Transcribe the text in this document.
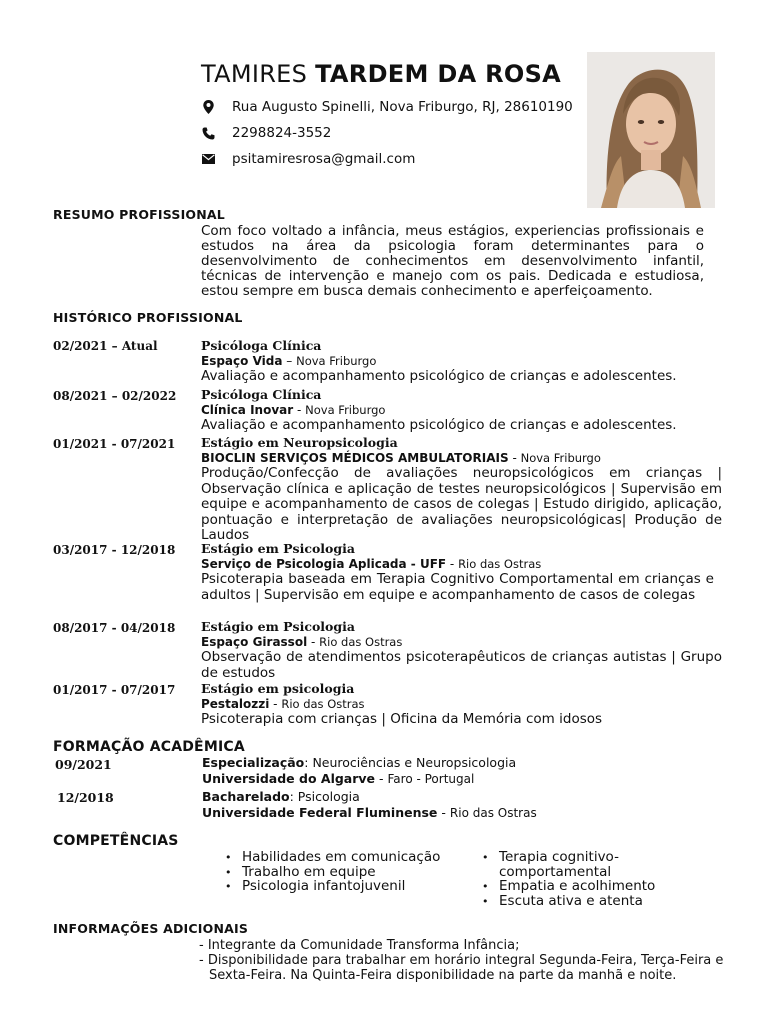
TAMIRES TARDEM DA ROSA
Rua Augusto Spinelli, Nova Friburgo, RJ, 28610190
2298824-3552
psitamiresrosa@gmail.com
RESUMO PROFISSIONAL
Com foco voltado a infância, meus estágios, experiencias profissionais e estudos na área da psicologia foram determinantes para o desenvolvimento de conhecimentos em desenvolvimento infantil, técnicas de intervenção e manejo com os pais. Dedicada e estudiosa, estou sempre em busca demais conhecimento e aperfeiçoamento.
HISTÓRICO PROFISSIONAL
02/2021 – Atual	Psicóloga Clínica
Espaço Vida – Nova Friburgo
Avaliação e acompanhamento psicológico de crianças e adolescentes.
08/2021 – 02/2022 Psicóloga Clínica
Clínica Inovar - Nova Friburgo
Avaliação e acompanhamento psicológico de crianças e adolescentes.
01/2021 - 07/2021 Estágio em Neuropsicologia
BIOCLIN SERVIÇOS MÉDICOS AMBULATORIAIS - Nova Friburgo
Produção/Confecção de avaliações neuropsicológicos em crianças | Observação clínica e aplicação de testes neuropsicológicos | Supervisão em equipe e acompanhamento de casos de colegas | Estudo dirigido, aplicação, pontuação e interpretação de avaliações neuropsicológicas| Produção de Laudos
03/2017 - 12/2018 Estágio em Psicologia
Serviço de Psicologia Aplicada - UFF - Rio das Ostras
Psicoterapia baseada em Terapia Cognitivo Comportamental em crianças e adultos | Supervisão em equipe e acompanhamento de casos de colegas
08/2017 - 04/2018 Estágio em Psicologia
Espaço Girassol - Rio das Ostras
Observação de atendimentos psicoterapêuticos de crianças autistas | Grupo de estudos
01/2017 - 07/2017 Estágio em psicologia
Pestalozzi - Rio das Ostras
Psicoterapia com crianças | Oficina da Memória com idosos
FORMAÇÃO ACADÊMICA
09/2021	Especialização: Neurociências e Neuropsicologia
Universidade do Algarve - Faro - Portugal
12/2018	Bacharelado: Psicologia
Universidade Federal Fluminense - Rio das Ostras
COMPETÊNCIAS
• Habilidades em comunicação
• Trabalho em equipe
• Psicologia infantojuvenil
• Terapia cognitivo-comportamental
• Empatia e acolhimento
• Escuta ativa e atenta
INFORMAÇÕES ADICIONAIS
- Integrante da Comunidade Transforma Infância;
- Disponibilidade para trabalhar em horário integral Segunda-Feira, Terça-Feira e Sexta-Feira. Na Quinta-Feira disponibilidade na parte da manhã e noite.
